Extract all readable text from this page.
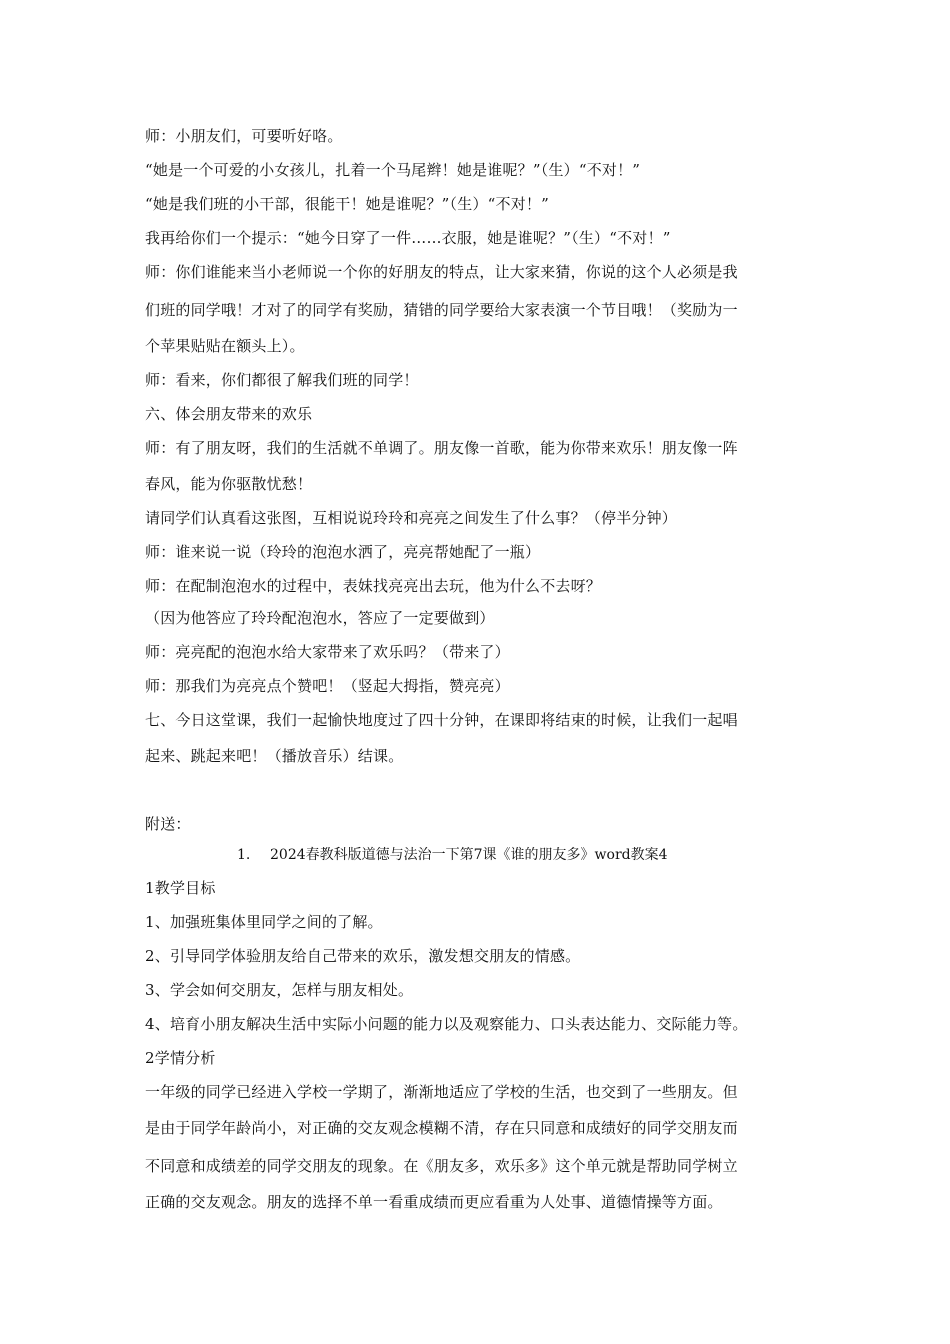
师：小朋友们，可要听好咯。
“她是一个可爱的小女孩儿，扎着一个马尾辫！她是谁呢？”（生）“不对！”
“她是我们班的小干部，很能干！她是谁呢？”（生）“不对！”
我再给你们一个提示：“她今日穿了一件……衣服，她是谁呢？”（生）“不对！”
师：你们谁能来当小老师说一个你的好朋友的特点，让大家来猜，你说的这个人必须是我
们班的同学哦！才对了的同学有奖励，猜错的同学要给大家表演一个节目哦！（奖励为一
个苹果贴贴在额头上）。
师：看来，你们都很了解我们班的同学！
六、体会朋友带来的欢乐
师：有了朋友呀，我们的生活就不单调了。朋友像一首歌，能为你带来欢乐！朋友像一阵
春风，能为你驱散忧愁！
请同学们认真看这张图，互相说说玲玲和亮亮之间发生了什么事？（停半分钟）
师：谁来说一说（玲玲的泡泡水洒了，亮亮帮她配了一瓶）
师：在配制泡泡水的过程中，表妹找亮亮出去玩，他为什么不去呀？
（因为他答应了玲玲配泡泡水，答应了一定要做到）
师：亮亮配的泡泡水给大家带来了欢乐吗？（带来了）
师：那我们为亮亮点个赞吧！（竖起大拇指，赞亮亮）
七、今日这堂课，我们一起愉快地度过了四十分钟，在课即将结束的时候，让我们一起唱
起来、跳起来吧！（播放音乐）结课。
附送：
1. 2024春教科版道德与法治一下第7课《谁的朋友多》word教案4
1教学目标
1、加强班集体里同学之间的了解。
2、引导同学体验朋友给自己带来的欢乐，激发想交朋友的情感。
3、学会如何交朋友，怎样与朋友相处。
4、培育小朋友解决生活中实际小问题的能力以及观察能力、口头表达能力、交际能力等。
2学情分析
一年级的同学已经进入学校一学期了，渐渐地适应了学校的生活，也交到了一些朋友。但
是由于同学年龄尚小，对正确的交友观念模糊不清，存在只同意和成绩好的同学交朋友而
不同意和成绩差的同学交朋友的现象。在《朋友多，欢乐多》这个单元就是帮助同学树立
正确的交友观念。朋友的选择不单一看重成绩而更应看重为人处事、道德情操等方面。
